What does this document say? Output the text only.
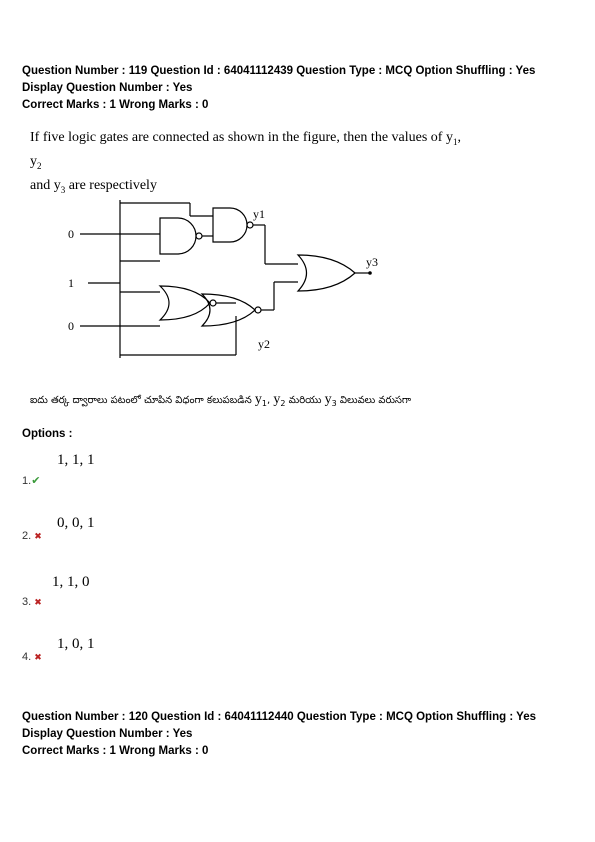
Question Number : 119 Question Id : 64041112439 Question Type : MCQ Option Shuffling : Yes

Display Question Number : Yes

Correct Marks : 1 Wrong Marks : 0

If five logic gates are connected as shown in the figure, then the values of $y_1$, $y_2$
and $y_3$ are respectively

0
1
0
y1
y2
y3

ఐదు తర్క ద్వారాలు పటంలో చూపిన విధంగా కలుపబడిన $y_1$, $y_2$ మరియు $y_3$ విలువలు వరుసగా

Options :

1, 1, 1
1.✔
0, 0, 1
2. ✖
1, 1, 0
3. ✖
1, 0, 1
4. ✖

Question Number : 120 Question Id : 64041112440 Question Type : MCQ Option Shuffling : Yes

Display Question Number : Yes

Correct Marks : 1 Wrong Marks : 0
